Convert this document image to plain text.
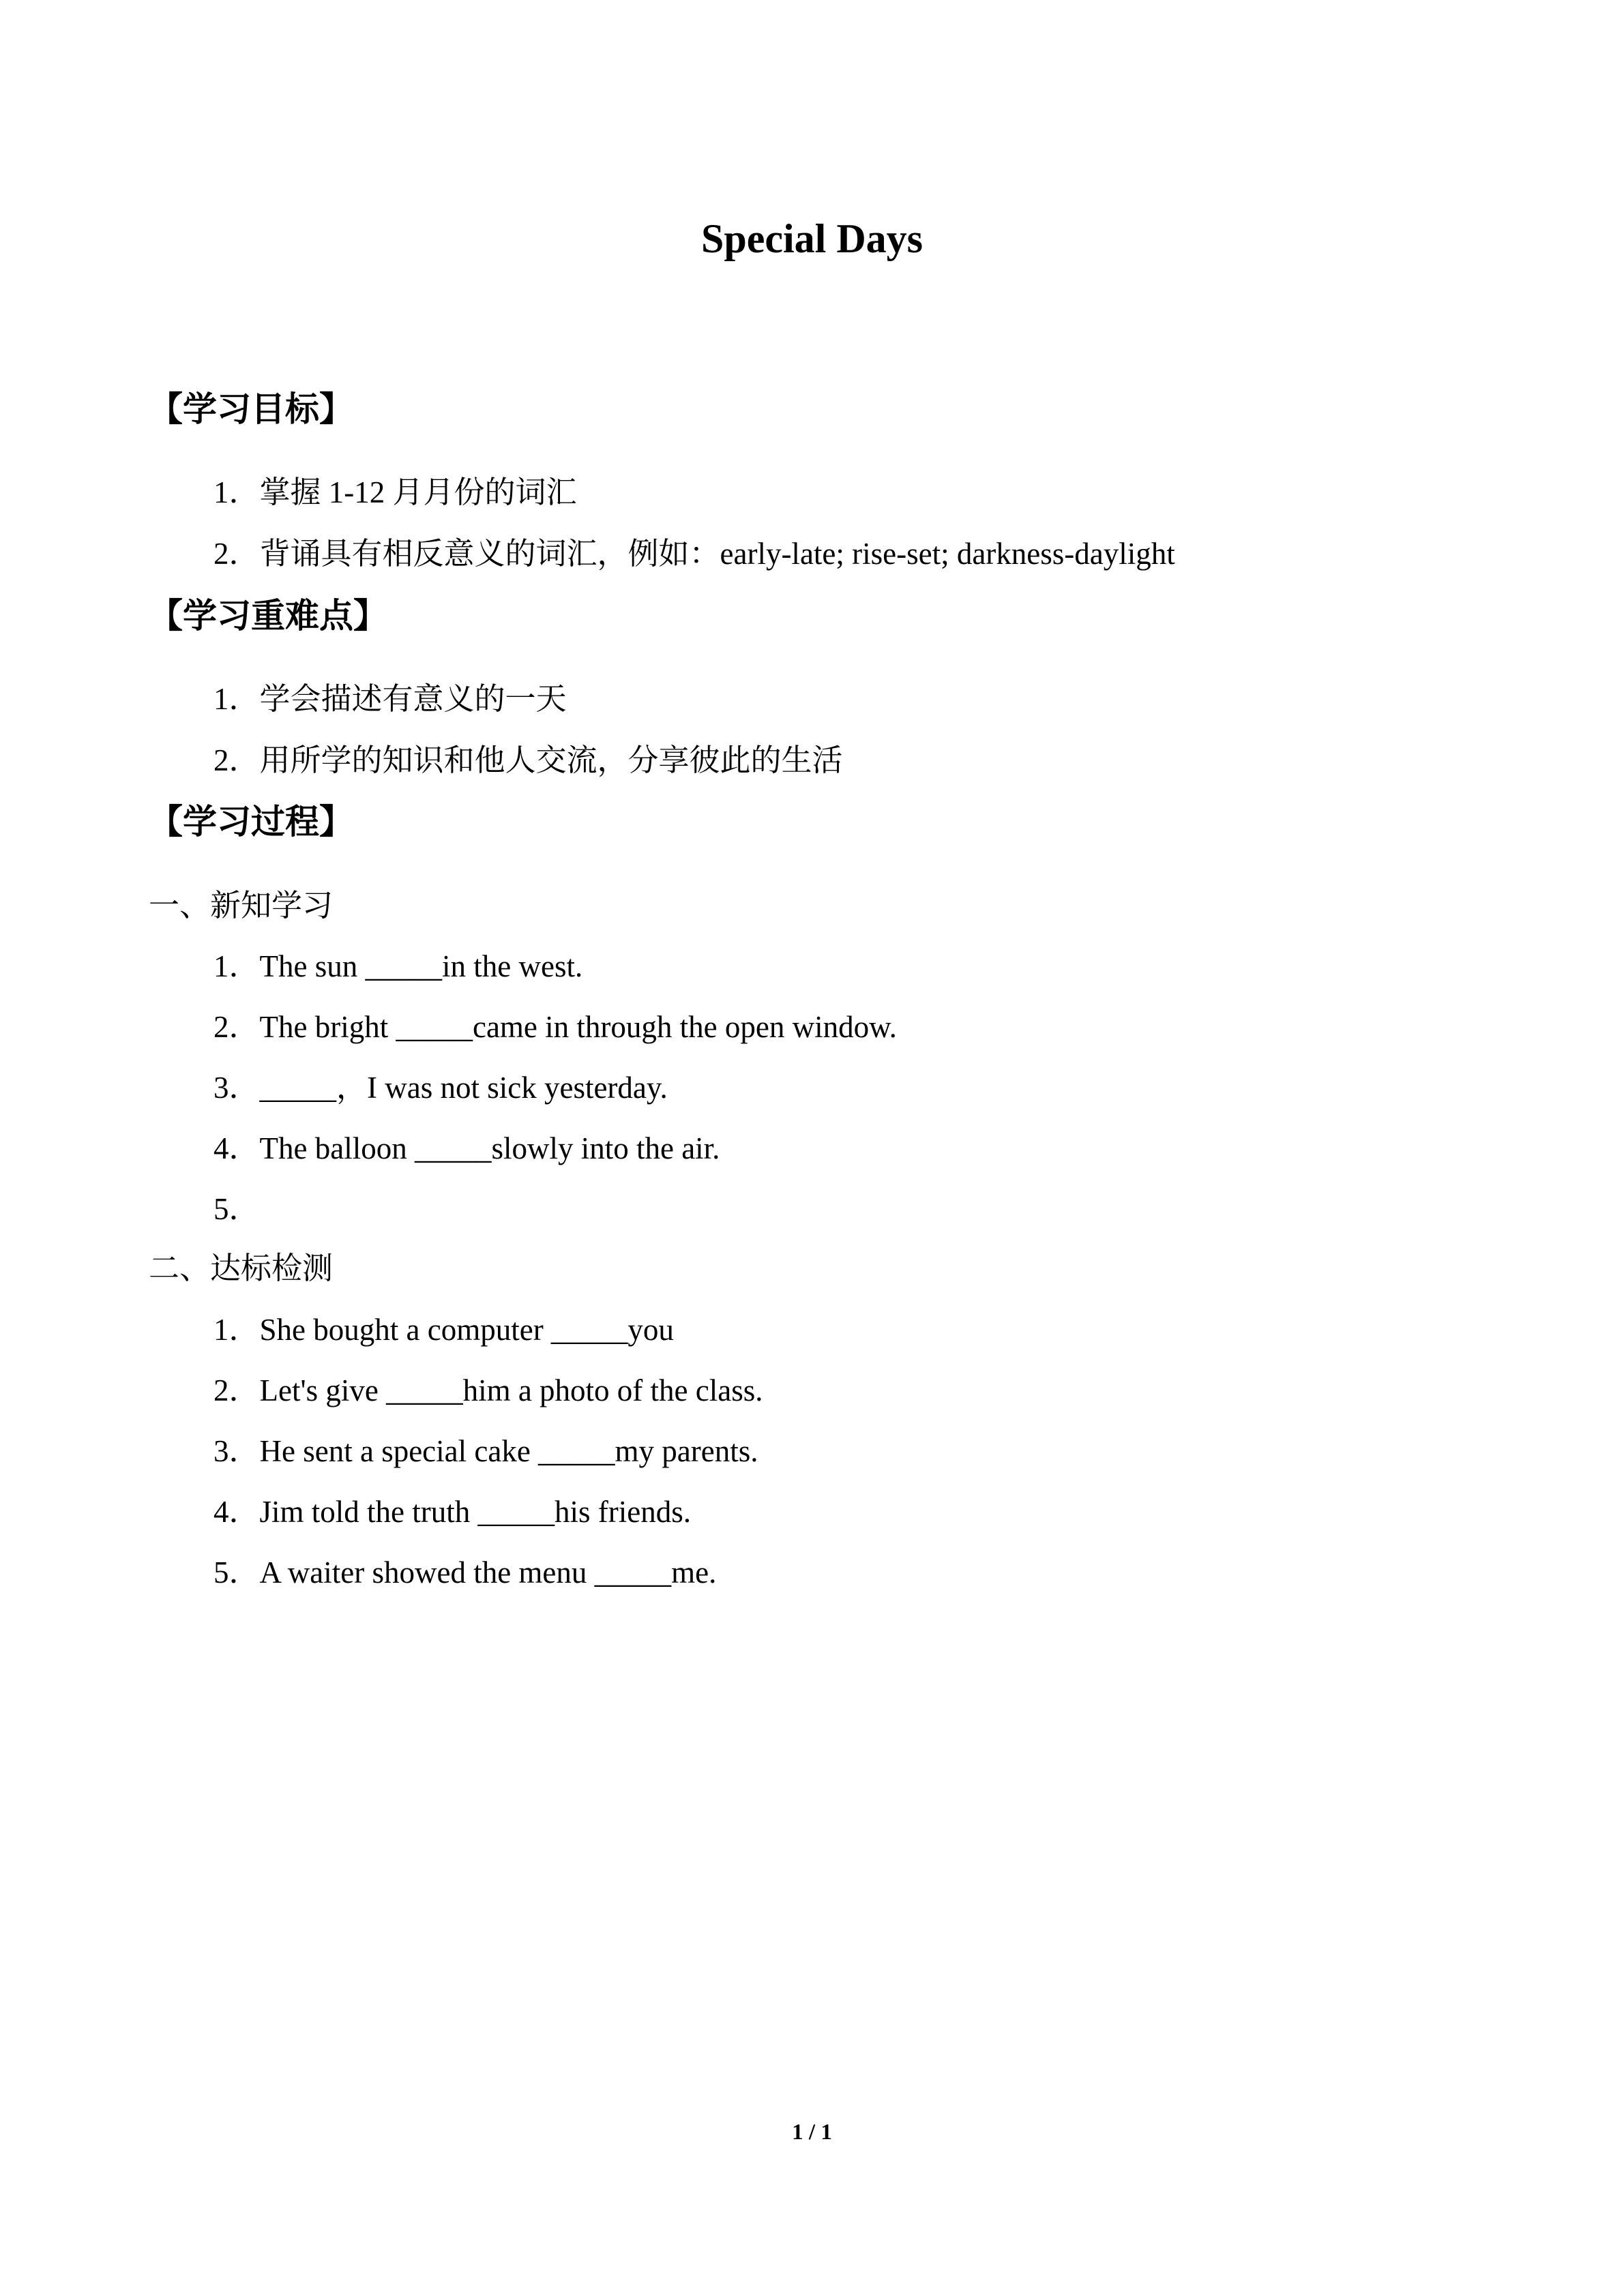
Special Days
【学习目标】
1．掌握 1-12 月月份的词汇
2．背诵具有相反意义的词汇，例如：early-late; rise-set; darkness-daylight
【学习重难点】
1．学会描述有意义的一天
2．用所学的知识和他人交流，分享彼此的生活
【学习过程】
一、新知学习
1．The sun _____in the west.
2．The bright _____came in through the open window.
3．_____，I was not sick yesterday.
4．The balloon _____slowly into the air.
5．
二、达标检测
1．She bought a computer _____you
2．Let's give _____him a photo of the class.
3．He sent a special cake _____my parents.
4．Jim told the truth _____his friends.
5．A waiter showed the menu _____me.
1 / 1
